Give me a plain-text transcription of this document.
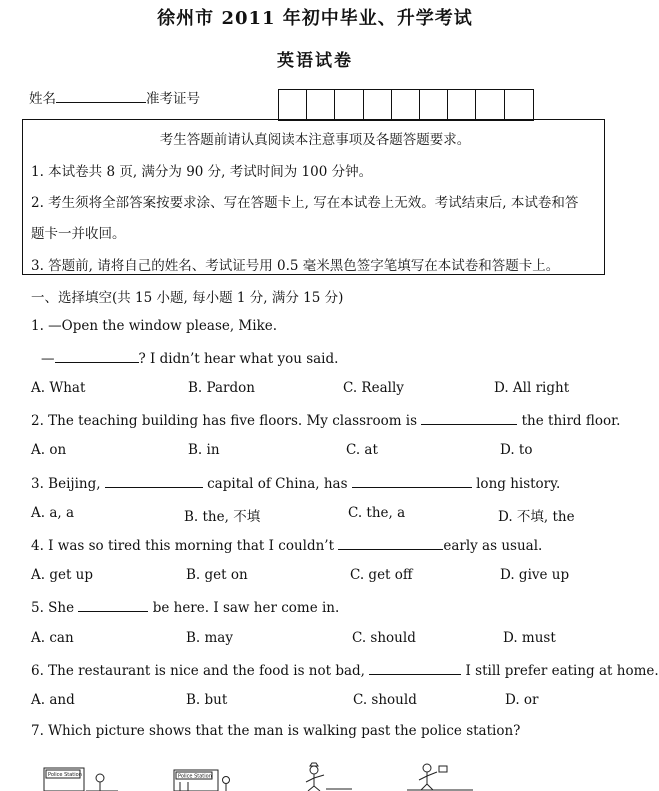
徐州市 2011 年初中毕业、升学考试
英语试卷
姓名	准考证号
考生答题前请认真阅读本注意事项及各题答题要求。
1. 本试卷共 8 页, 满分为 90 分, 考试时间为 100 分钟。
2. 考生须将全部答案按要求涂、写在答题卡上, 写在本试卷上无效。考试结束后, 本试卷和答
题卡一并收回。
3. 答题前, 请将自己的姓名、考试证号用 0.5 毫米黑色签字笔填写在本试卷和答题卡上。
一、选择填空(共 15 小题, 每小题 1 分, 满分 15 分)
1. —Open the window please, Mike.
—	? I didn’t hear what you said.
A. What	B. Pardon	C. Really	D. All right
2. The teaching building has five floors. My classroom is	the third floor.
A. on	B. in	C. at	D. to
3. Beijing,	capital of China, has	long history.
A. a, a	B. the, 不填	C. the, a	D. 不填, the
4. I was so tired this morning that I couldn’t	early as usual.
A. get up	B. get on	C. get off	D. give up
5. She	be here. I saw her come in.
A. can	B. may	C. should	D. must
6. The restaurant is nice and the food is not bad,	I still prefer eating at home.
A. and	B. but	C. should	D. or
7. Which picture shows that the man is walking past the police station?
Police Station	Police Station
